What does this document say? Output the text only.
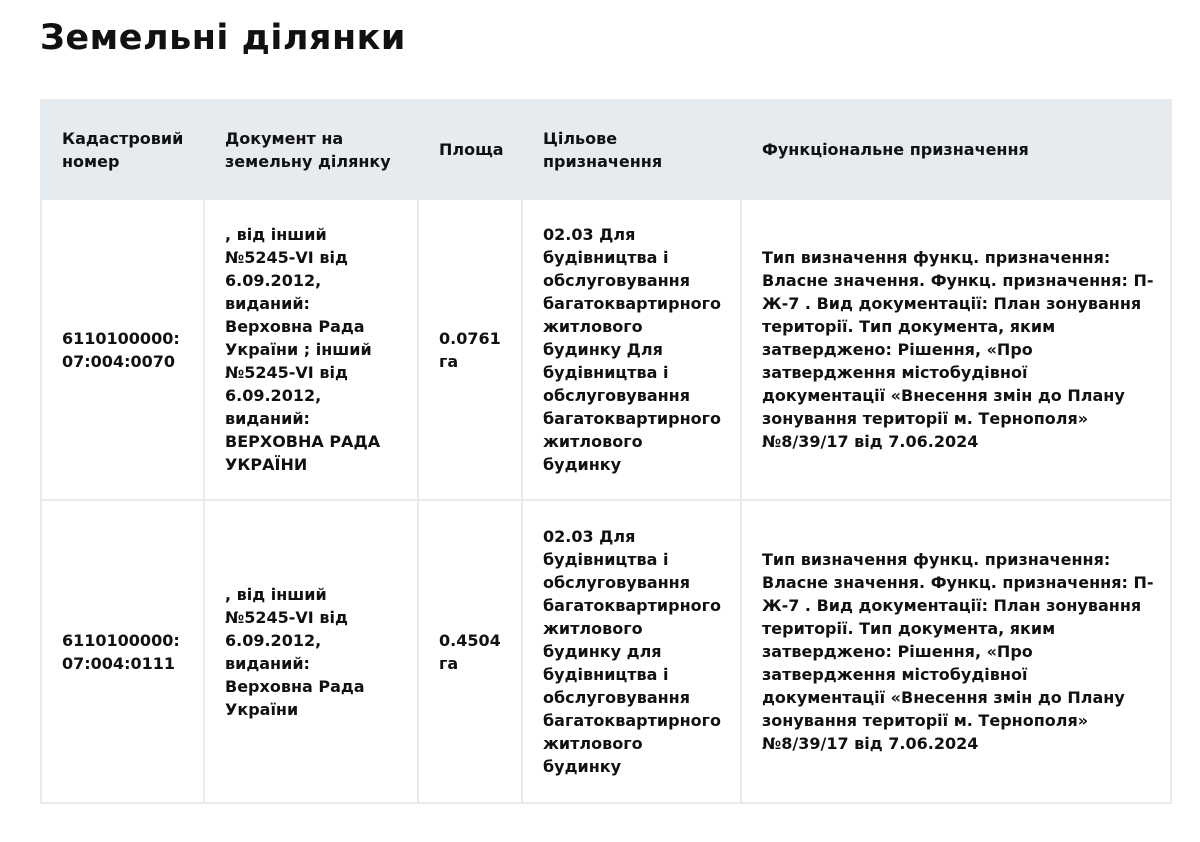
Земельні ділянки
Кадастровий номер	Документ на земельну ділянку	Площа	Цільове призначення	Функціональне призначення
6110100000:07:004:0070	, від інший №5245-VI від 6.09.2012, виданий: Верховна Рада України ; інший №5245-VI від 6.09.2012, виданий: ВЕРХОВНА РАДА УКРАЇНИ	0.0761 га	02.03 Для будівництва і обслуговування багатоквартирного житлового будинку Для будівництва і обслуговування багатоквартирного житлового будинку	Тип визначення функц. призначення: Власне значення. Функц. призначення: П-Ж-7 . Вид документації: План зонування території. Тип документа, яким затверджено: Рішення, «Про затвердження містобудівної документації «Внесення змін до Плану зонування території м. Тернополя» №8/39/17 від 7.06.2024
6110100000:07:004:0111	, від інший №5245-VI від 6.09.2012, виданий: Верховна Рада України	0.4504 га	02.03 Для будівництва і обслуговування багатоквартирного житлового будинку для будівництва і обслуговування багатоквартирного житлового будинку	Тип визначення функц. призначення: Власне значення. Функц. призначення: П-Ж-7 . Вид документації: План зонування території. Тип документа, яким затверджено: Рішення, «Про затвердження містобудівної документації «Внесення змін до Плану зонування території м. Тернополя» №8/39/17 від 7.06.2024
